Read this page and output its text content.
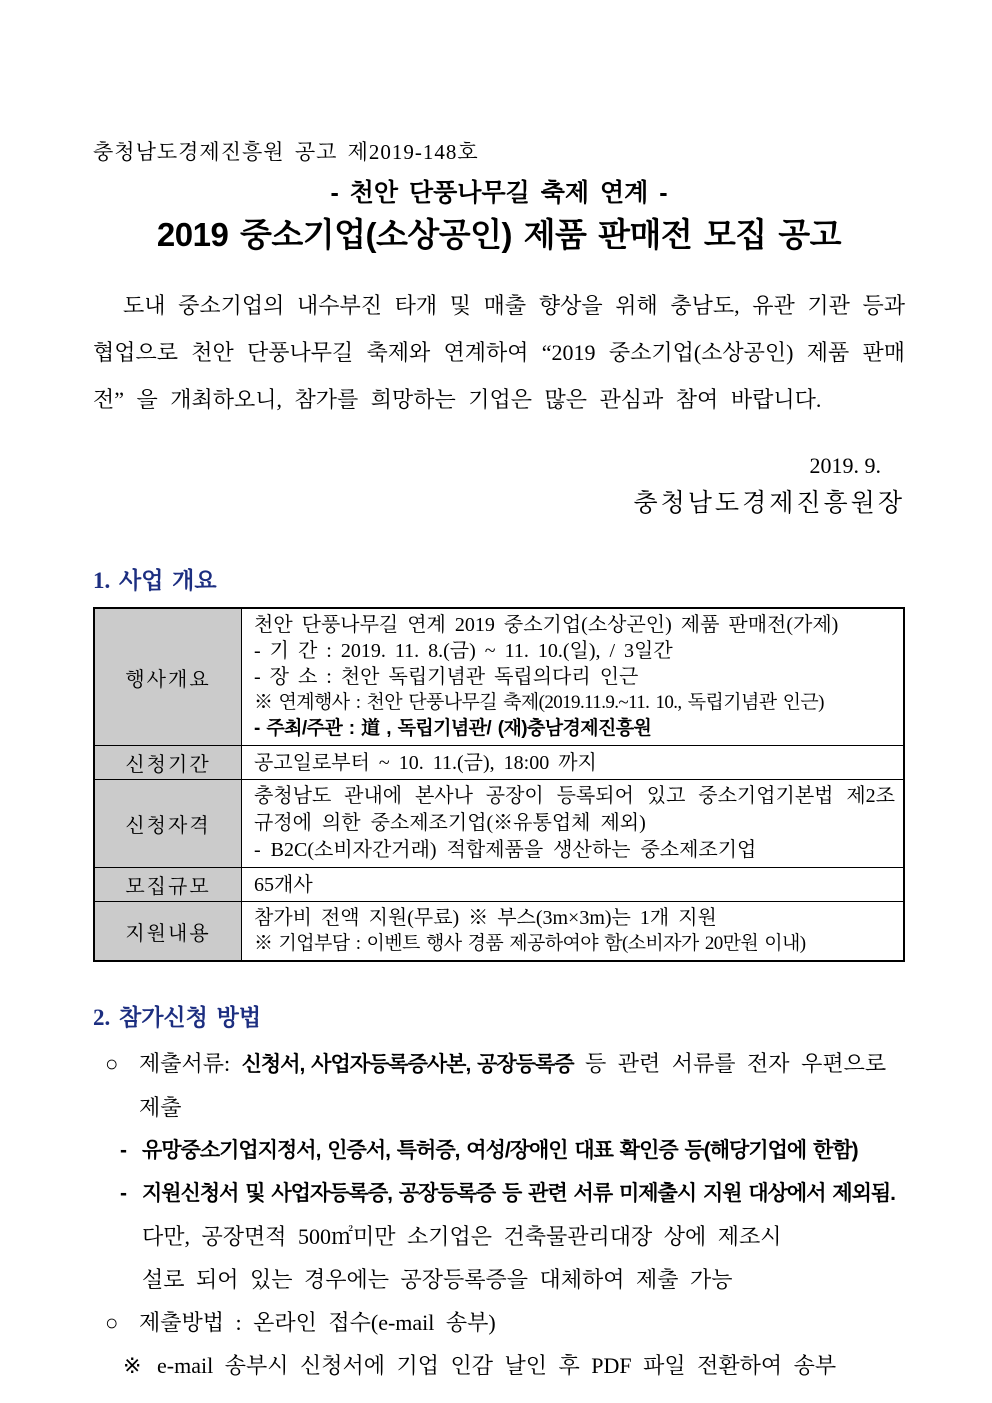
충청남도경제진흥원 공고 제2019-148호
- 천안 단풍나무길 축제 연계 -
2019 중소기업(소상공인) 제품 판매전 모집 공고

도내 중소기업의 내수부진 타개 및 매출 향상을 위해 충남도, 유관 기관 등과 협업으로 천안 단풍나무길 축제와 연계하여 “2019 중소기업(소상공인) 제품 판매전” 을 개최하오니, 참가를 희망하는 기업은 많은 관심과 참여 바랍니다.

2019. 9.
충청남도경제진흥원장
1. 사업 개요
행사개요	천안 단풍나무길 연계 2019 중소기업(소상곤인) 제품 판매전(가제)
- 기 간 : 2019. 11. 8.(금) ~ 11. 10.(일), / 3일간
- 장 소 : 천안 독립기념관 독립의다리 인근
※ 연계행사 : 천안 단풍나무길 축제(2019.11.9.~11. 10., 독립기념관 인근)
- 주최/주관 : 道 , 독립기념관/ (재)충남경제진흥원

신청기간	공고일로부터 ~ 10. 11.(금), 18:00 까지

신청자격	충청남도 관내에 본사나 공장이 등록되어 있고 중소기업기본법 제2조 규정에 의한 중소제조기업(※유통업체 제외)
- B2C(소비자간거래) 적합제품을 생산하는 중소제조기업

모집규모	65개사

지원내용	참가비 전액 지원(무료) ※ 부스(3m×3m)는 1개 지원
※ 기업부담 : 이벤트 행사 경품 제공하여야 함(소비자가 20만원 이내)
2. 참가신청 방법
○ 제출서류: 신청서, 사업자등록증사본, 공장등록증 등 관련 서류를 전자 우편으로 제출
- 유망중소기업지정서, 인증서, 특허증, 여성/장애인 대표 확인증 등(해당기업에 한함)
- 지원신청서 및 사업자등록증, 공장등록증 등 관련 서류 미제출시 지원 대상에서 제외됨.
다만, 공장면적 500㎡미만 소기업은 건축물관리대장 상에 제조시
설로 되어 있는 경우에는 공장등록증을 대체하여 제출 가능
○ 제출방법 : 온라인 접수(e-mail 송부)
※ e-mail 송부시 신청서에 기업 인감 날인 후 PDF 파일 전환하여 송부
